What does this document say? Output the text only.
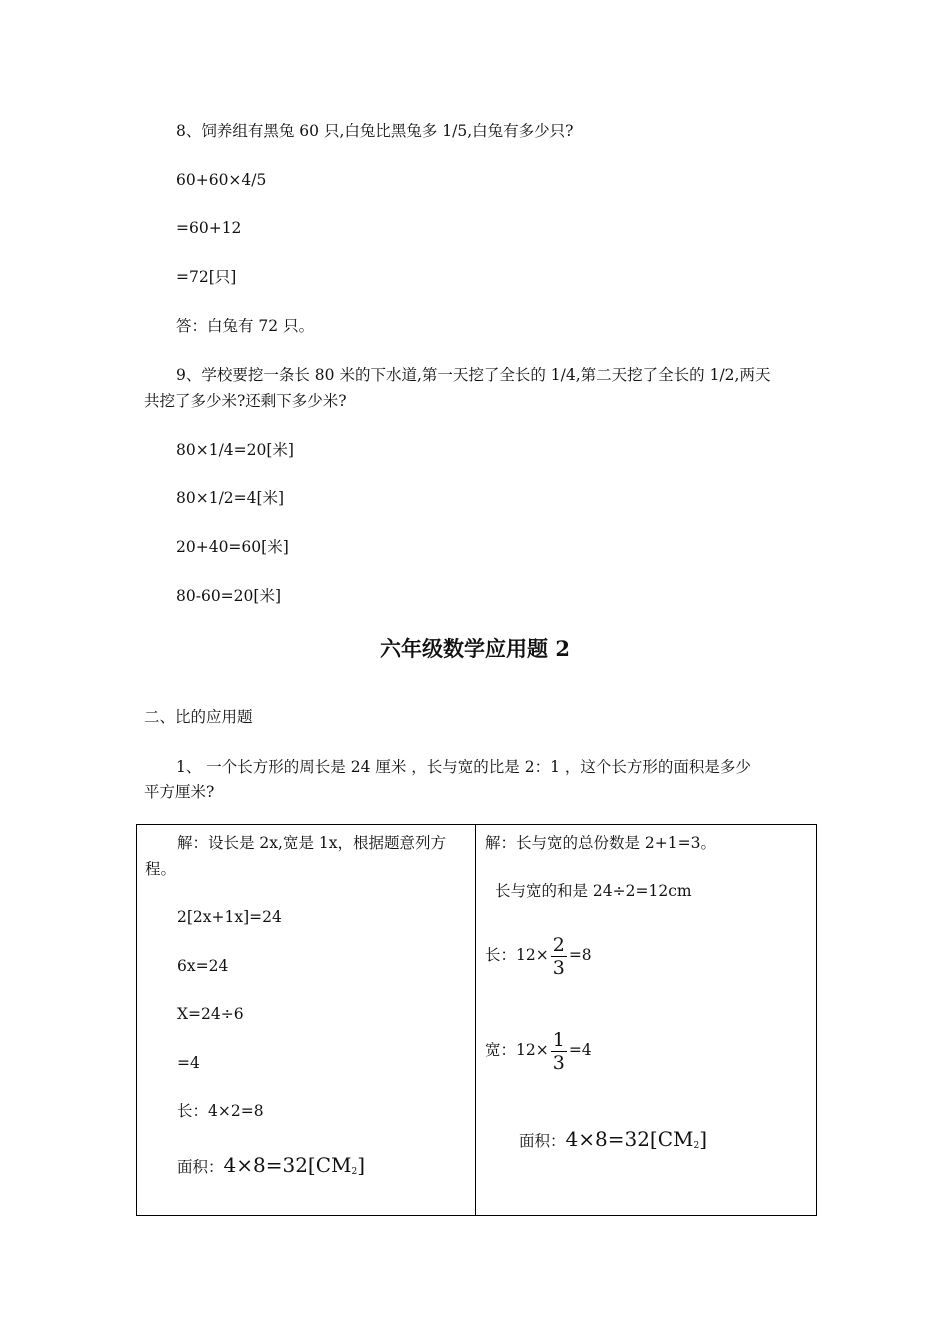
8、饲养组有黑兔 60 只,白兔比黑兔多 1/5,白兔有多少只?
60+60×4/5
=60+12
=72[只]
答：白兔有 72 只。
9、学校要挖一条长 80 米的下水道,第一天挖了全长的 1/4,第二天挖了全长的 1/2,两天
共挖了多少米?还剩下多少米?
80×1/4=20[米]
80×1/2=4[米]
20+40=60[米]
80-60=20[米]
六年级数学应用题 2
二、比的应用题
1、 一个长方形的周长是 24 厘米 ，长与宽的比是 2：1 ，这个长方形的面积是多少
平方厘米?
解：设长是 2x,宽是 1x，根据题意列方
程。
2[2x+1x]=24
6x=24
X=24÷6
=4
长：4×2=8
面积：$4\times 8=32[CM_2]$
解：长与宽的总份数是 2+1=3。
长与宽的和是 24÷2=12cm
长：$12\times \frac{2}{3} =8$
宽：$12\times \frac{1}{3} =4$
面积：$4\times 8=32[CM_2]$
